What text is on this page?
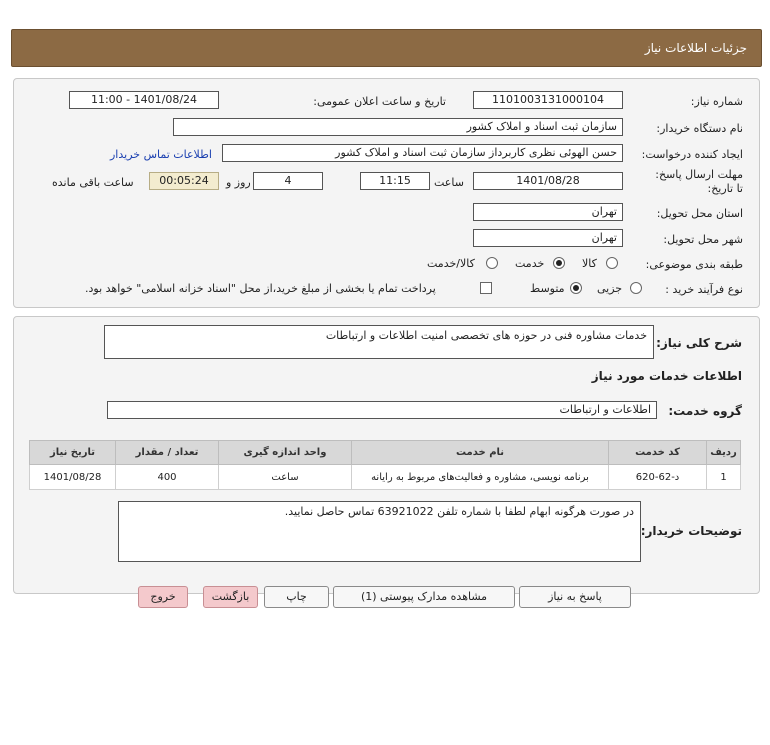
جزئیات اطلاعات نیاز
شماره نیاز:
1101003131000104
تاریخ و ساعت اعلان عمومی:
1401/08/24 - 11:00
نام دستگاه خریدار:
سازمان ثبت اسناد و املاک کشور
ایجاد کننده درخواست:
حسن الهوئی نظری کاربرداز سازمان ثبت اسناد و املاک کشور
اطلاعات تماس خریدار
مهلت ارسال پاسخ: تا تاریخ:
1401/08/28
ساعت
11:15
4
روز و
00:05:24
ساعت باقی مانده
استان محل تحویل:
تهران
شهر محل تحویل:
تهران
طبقه بندی موضوعی:
کالا
خدمت
کالا/خدمت
نوع فرآیند خرید :
جزیی
متوسط
پرداخت تمام یا بخشی از مبلغ خرید،از محل "اسناد خزانه اسلامی" خواهد بود.
شرح کلی نیاز:
خدمات مشاوره فنی در حوزه های تخصصی امنیت اطلاعات و ارتباطات
اطلاعات خدمات مورد نیاز
گروه خدمت:
اطلاعات و ارتباطات
ردیف	کد خدمت	نام خدمت	واحد اندازه گیری	تعداد / مقدار	تاریخ نیاز
1	د-62-620	برنامه نویسی، مشاوره و فعالیت‌های مربوط به رایانه	ساعت	400	1401/08/28
توضیحات خریدار:
در صورت هرگونه ابهام لطفا با شماره تلفن 63921022 تماس حاصل نمایید.
پاسخ به نیاز
مشاهده مدارک پیوستی (1)
چاپ
بازگشت
خروج
